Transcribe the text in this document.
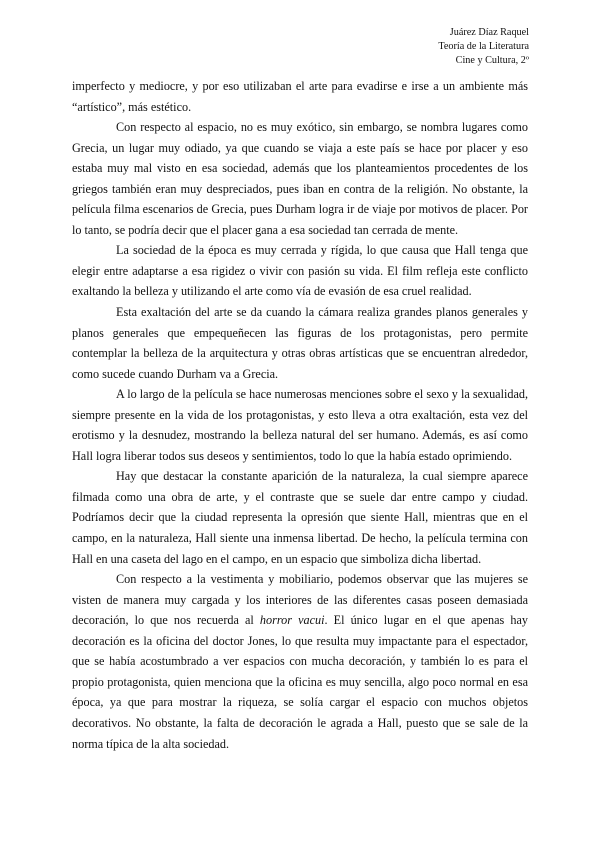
Juárez Díaz Raquel
Teoría de la Literatura
Cine y Cultura, 2º

imperfecto y mediocre, y por eso utilizaban el arte para evadirse e irse a un ambiente más “artístico”, más estético.

Con respecto al espacio, no es muy exótico, sin embargo, se nombra lugares como Grecia, un lugar muy odiado, ya que cuando se viaja a este país se hace por placer y eso estaba muy mal visto en esa sociedad, además que los planteamientos procedentes de los griegos también eran muy despreciados, pues iban en contra de la religión. No obstante, la película filma escenarios de Grecia, pues Durham logra ir de viaje por motivos de placer. Por lo tanto, se podría decir que el placer gana a esa sociedad tan cerrada de mente.

La sociedad de la época es muy cerrada y rígida, lo que causa que Hall tenga que elegir entre adaptarse a esa rigidez o vivir con pasión su vida. El film refleja este conflicto exaltando la belleza y utilizando el arte como vía de evasión de esa cruel realidad.

Esta exaltación del arte se da cuando la cámara realiza grandes planos generales y planos generales que empequeñecen las figuras de los protagonistas, pero permite contemplar la belleza de la arquitectura y otras obras artísticas que se encuentran alrededor, como sucede cuando Durham va a Grecia.

A lo largo de la película se hace numerosas menciones sobre el sexo y la sexualidad, siempre presente en la vida de los protagonistas, y esto lleva a otra exaltación, esta vez del erotismo y la desnudez, mostrando la belleza natural del ser humano. Además, es así como Hall logra liberar todos sus deseos y sentimientos, todo lo que la había estado oprimiendo.

Hay que destacar la constante aparición de la naturaleza, la cual siempre aparece filmada como una obra de arte, y el contraste que se suele dar entre campo y ciudad. Podríamos decir que la ciudad representa la opresión que siente Hall, mientras que en el campo, en la naturaleza, Hall siente una inmensa libertad. De hecho, la película termina con Hall en una caseta del lago en el campo, en un espacio que simboliza dicha libertad.

Con respecto a la vestimenta y mobiliario, podemos observar que las mujeres se visten de manera muy cargada y los interiores de las diferentes casas poseen demasiada decoración, lo que nos recuerda al horror vacui. El único lugar en el que apenas hay decoración es la oficina del doctor Jones, lo que resulta muy impactante para el espectador, que se había acostumbrado a ver espacios con mucha decoración, y también lo es para el propio protagonista, quien menciona que la oficina es muy sencilla, algo poco normal en esa época, ya que para mostrar la riqueza, se solía cargar el espacio con muchos objetos decorativos. No obstante, la falta de decoración le agrada a Hall, puesto que se sale de la norma típica de la alta sociedad.
